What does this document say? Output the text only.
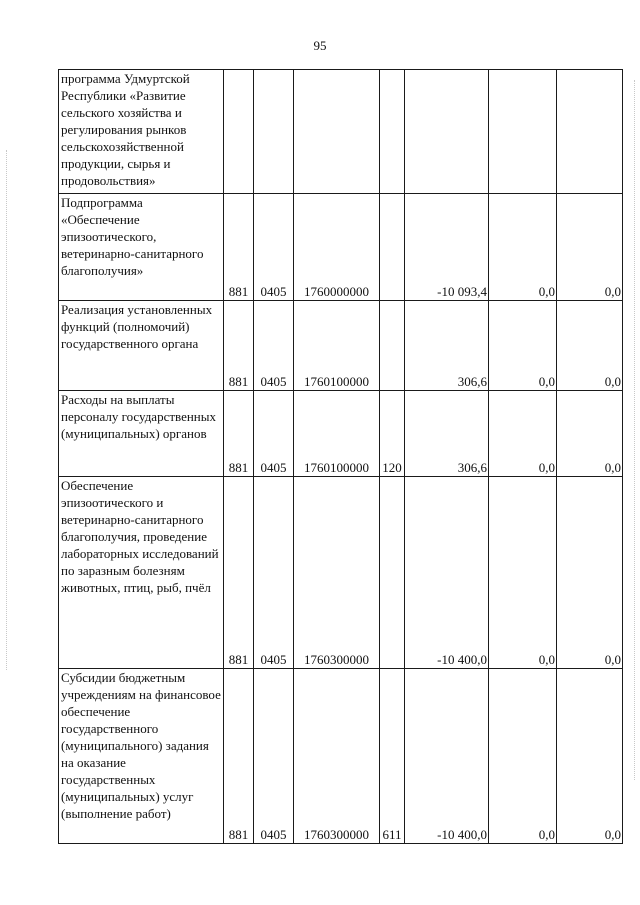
95
программа Удмуртской Республики «Развитие сельского хозяйства и регулирования рынков сельскохозяйственной продукции, сырья и продовольствия»							
Подпрограмма «Обеспечение эпизоотического, ветеринарно-санитарного благополучия»	881	0405	1760000000		-10 093,4	0,0	0,0
Реализация установленных функций (полномочий) государственного органа	881	0405	1760100000		306,6	0,0	0,0
Расходы на выплаты персоналу государственных (муниципальных) органов	881	0405	1760100000	120	306,6	0,0	0,0
Обеспечение эпизоотического и ветеринарно-санитарного благополучия, проведение лабораторных исследований по заразным болезням животных, птиц, рыб, пчёл	881	0405	1760300000		-10 400,0	0,0	0,0
Субсидии бюджетным учреждениям на финансовое обеспечение государственного (муниципального) задания на оказание государственных (муниципальных) услуг (выполнение работ)	881	0405	1760300000	611	-10 400,0	0,0	0,0
